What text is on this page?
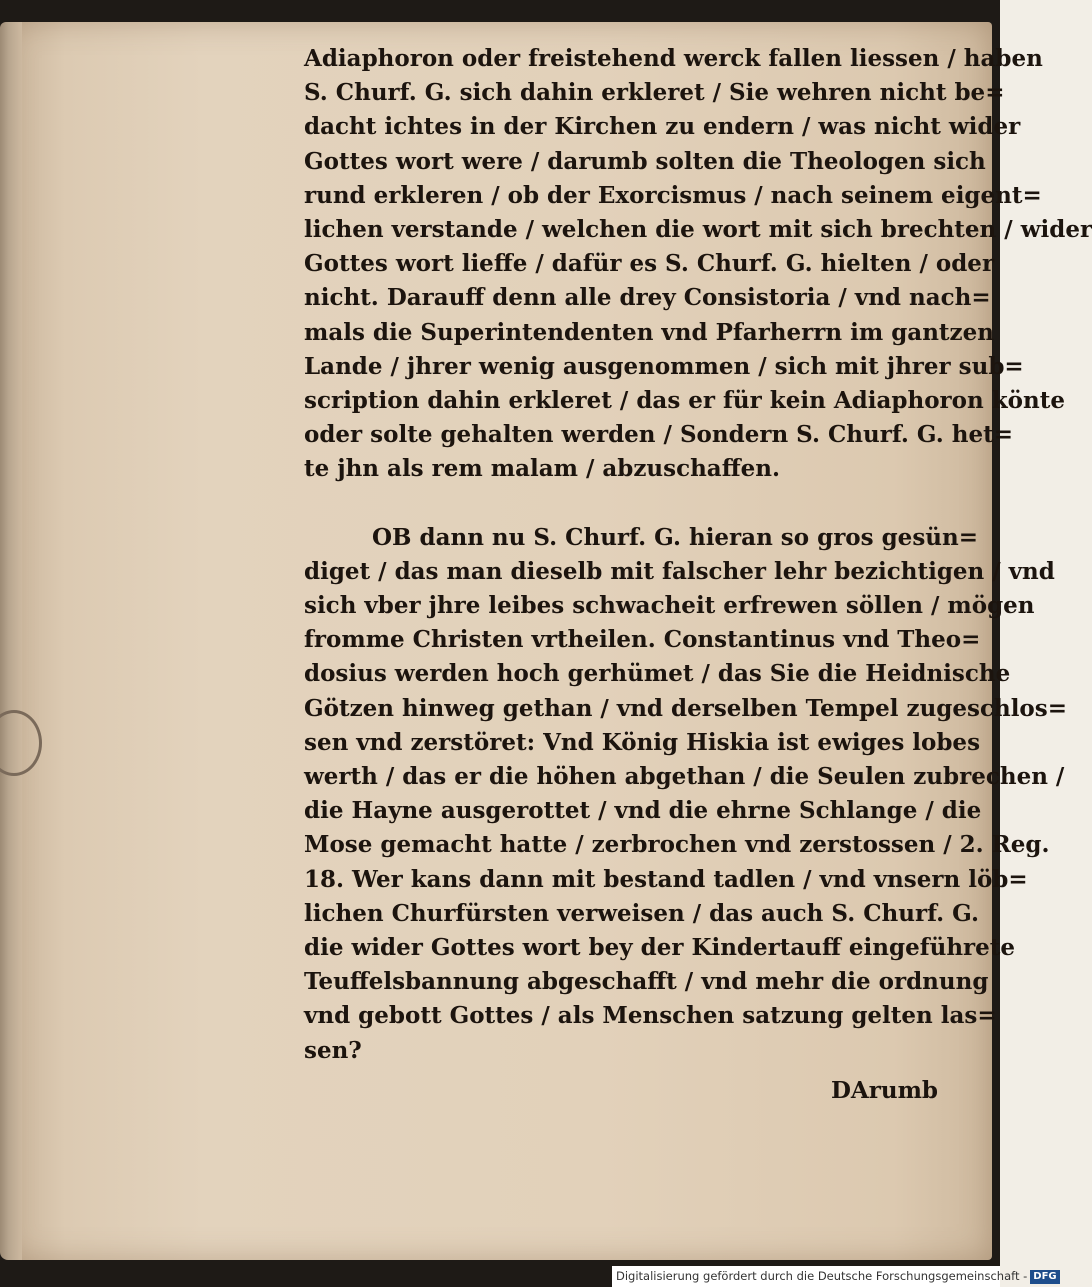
Adiaphoron oder freistehend werck fallen liessen / haben
S. Churf. G. sich dahin erkleret / Sie wehren nicht be=
dacht ichtes in der Kirchen zu endern / was nicht wider
Gottes wort were / darumb solten die Theologen sich
rund erkleren / ob der Exorcismus / nach seinem eigent=
lichen verstande / welchen die wort mit sich brechten / wider
Gottes wort lieffe / dafür es S. Churf. G. hielten / oder
nicht. Darauff denn alle drey Consistoria / vnd nach=
mals die Superintendenten vnd Pfarherrn im gantzen
Lande / jhrer wenig ausgenommen / sich mit jhrer sub=
scription dahin erkleret / das er für kein Adiaphoron könte
oder solte gehalten werden / Sondern S. Churf. G. het=
te jhn als rem malam / abzuschaffen.
OB dann nu S. Churf. G. hieran so gros gesün=
diget / das man dieselb mit falscher lehr bezichtigen / vnd
sich vber jhre leibes schwacheit erfrewen söllen / mögen
fromme Christen vrtheilen. Constantinus vnd Theo=
dosius werden hoch gerhümet / das Sie die Heidnische
Götzen hinweg gethan / vnd derselben Tempel zugeschlos=
sen vnd zerstöret: Vnd König Hiskia ist ewiges lobes
werth / das er die höhen abgethan / die Seulen zubrechen /
die Hayne ausgerottet / vnd die ehrne Schlange / die
Mose gemacht hatte / zerbrochen vnd zerstossen / 2. Reg.
18. Wer kans dann mit bestand tadlen / vnd vnsern löb=
lichen Churfürsten verweisen / das auch S. Churf. G.
die wider Gottes wort bey der Kindertauff eingeführete
Teuffelsbannung abgeschafft / vnd mehr die ordnung
vnd gebott Gottes / als Menschen satzung gelten las=
sen?
DArumb
Digitalisierung gefördert durch die Deutsche Forschungsgemeinschaft - DFG
